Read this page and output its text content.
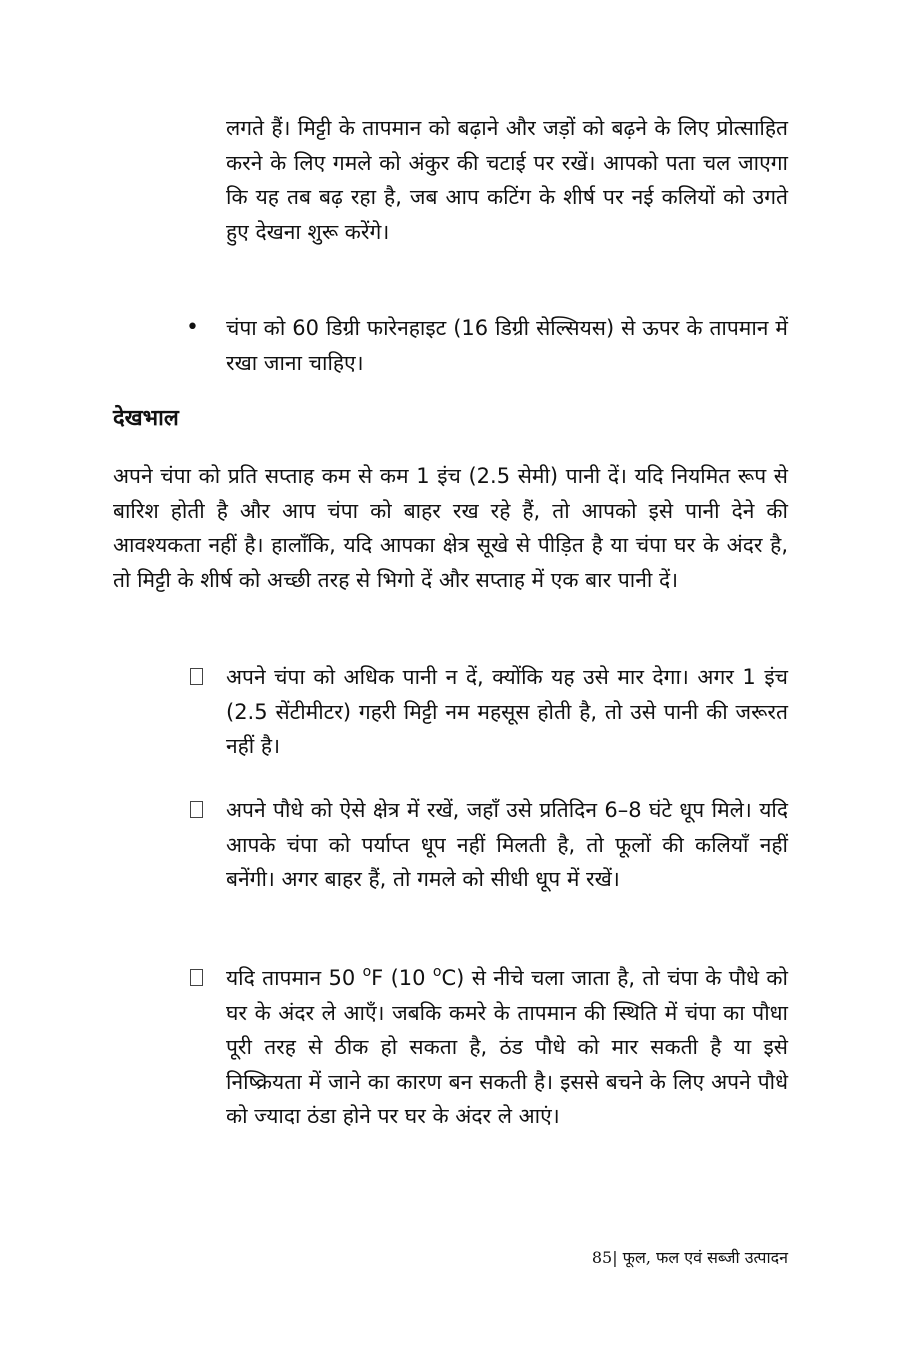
लगते हैं। मिट्टी के तापमान को बढ़ाने और जड़ों को बढ़ने के लिए प्रोत्साहित करने के लिए गमले को अंकुर की चटाई पर रखें। आपको पता चल जाएगा कि यह तब बढ़ रहा है, जब आप कटिंग के शीर्ष पर नई कलियों को उगते हुए देखना शुरू करेंगे।

• चंपा को 60 डिग्री फारेनहाइट (16 डिग्री सेल्सियस) से ऊपर के तापमान में रखा जाना चाहिए।

देखभाल

अपने चंपा को प्रति सप्ताह कम से कम 1 इंच (2.5 सेमी) पानी दें। यदि नियमित रूप से बारिश होती है और आप चंपा को बाहर रख रहे हैं, तो आपको इसे पानी देने की आवश्यकता नहीं है। हालाँकि, यदि आपका क्षेत्र सूखे से पीड़ित है या चंपा घर के अंदर है, तो मिट्टी के शीर्ष को अच्छी तरह से भिगो दें और सप्ताह में एक बार पानी दें।

अपने चंपा को अधिक पानी न दें, क्योंकि यह उसे मार देगा। अगर 1 इंच (2.5 सेंटीमीटर) गहरी मिट्टी नम महसूस होती है, तो उसे पानी की जरूरत नहीं है।

अपने पौधे को ऐसे क्षेत्र में रखें, जहाँ उसे प्रतिदिन 6–8 घंटे धूप मिले। यदि आपके चंपा को पर्याप्त धूप नहीं मिलती है, तो फूलों की कलियाँ नहीं बनेंगी। अगर बाहर हैं, तो गमले को सीधी धूप में रखें।

यदि तापमान 50 $^o$F (10 $^o$C) से नीचे चला जाता है, तो चंपा के पौधे को घर के अंदर ले आएँ। जबकि कमरे के तापमान की स्थिति में चंपा का पौधा पूरी तरह से ठीक हो सकता है, ठंड पौधे को मार सकती है या इसे निष्क्रियता में जाने का कारण बन सकती है। इससे बचने के लिए अपने पौधे को ज्यादा ठंडा होने पर घर के अंदर ले आएं।

85| फूल, फल एवं सब्जी उत्पादन
